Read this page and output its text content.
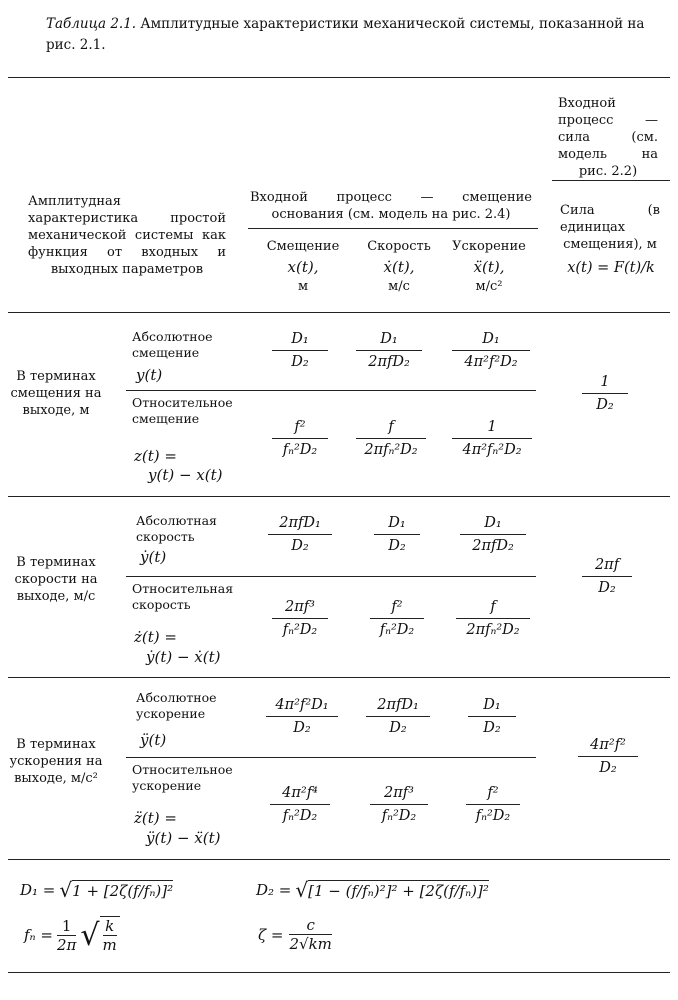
Таблица 2.1. Амплитудные характеристики механической системы, показанной на рис. 2.1.
Амплитудная характеристика простой механической системы как функция от входных и выходных параметров
Входной процесс — смещение основания (см. модель на рис. 2.4)
Входной процесс — сила (см. модель на рис. 2.2)
Смещение
x(t),
м
Скорость
ẋ(t),
м/с
Ускорение
ẍ(t),
м/с²
Сила (в единицах смещения), м
x(t) = F(t)/k
В терминах смещения на выходе, м
Абсолютное смещение
y(t)
Относительное смещение
z(t) =
y(t) − x(t)
D₁
D₂
D₁
2πfD₂
D₁
4π²f²D₂
f²
fₙ²D₂
f
2πfₙ²D₂
1
4π²fₙ²D₂
1
D₂
В терминах скорости на выходе, м/с
Абсолютная скорость
ẏ(t)
Относительная скорость
ż(t) =
ẏ(t) − ẋ(t)
2πfD₁
D₂
D₁
D₂
D₁
2πfD₂
2πf³
fₙ²D₂
f²
fₙ²D₂
f
2πfₙ²D₂
2πf
D₂
В терминах ускорения на выходе, м/с²
Абсолютное ускорение
ÿ(t)
Относительное ускорение
z̈(t) =
ÿ(t) − ẍ(t)
4π²f²D₁
D₂
2πfD₁
D₂
D₁
D₂
4π²f⁴
fₙ²D₂
2πf³
fₙ²D₂
f²
fₙ²D₂
4π²f²
D₂
D₁ = √ 1 + [2ζ(f/fₙ)]²	D₂ = √ [1 − (f/fₙ)²]² + [2ζ(f/fₙ)]²
fₙ =
1
2π √ k
m
ζ =
c
2√km
